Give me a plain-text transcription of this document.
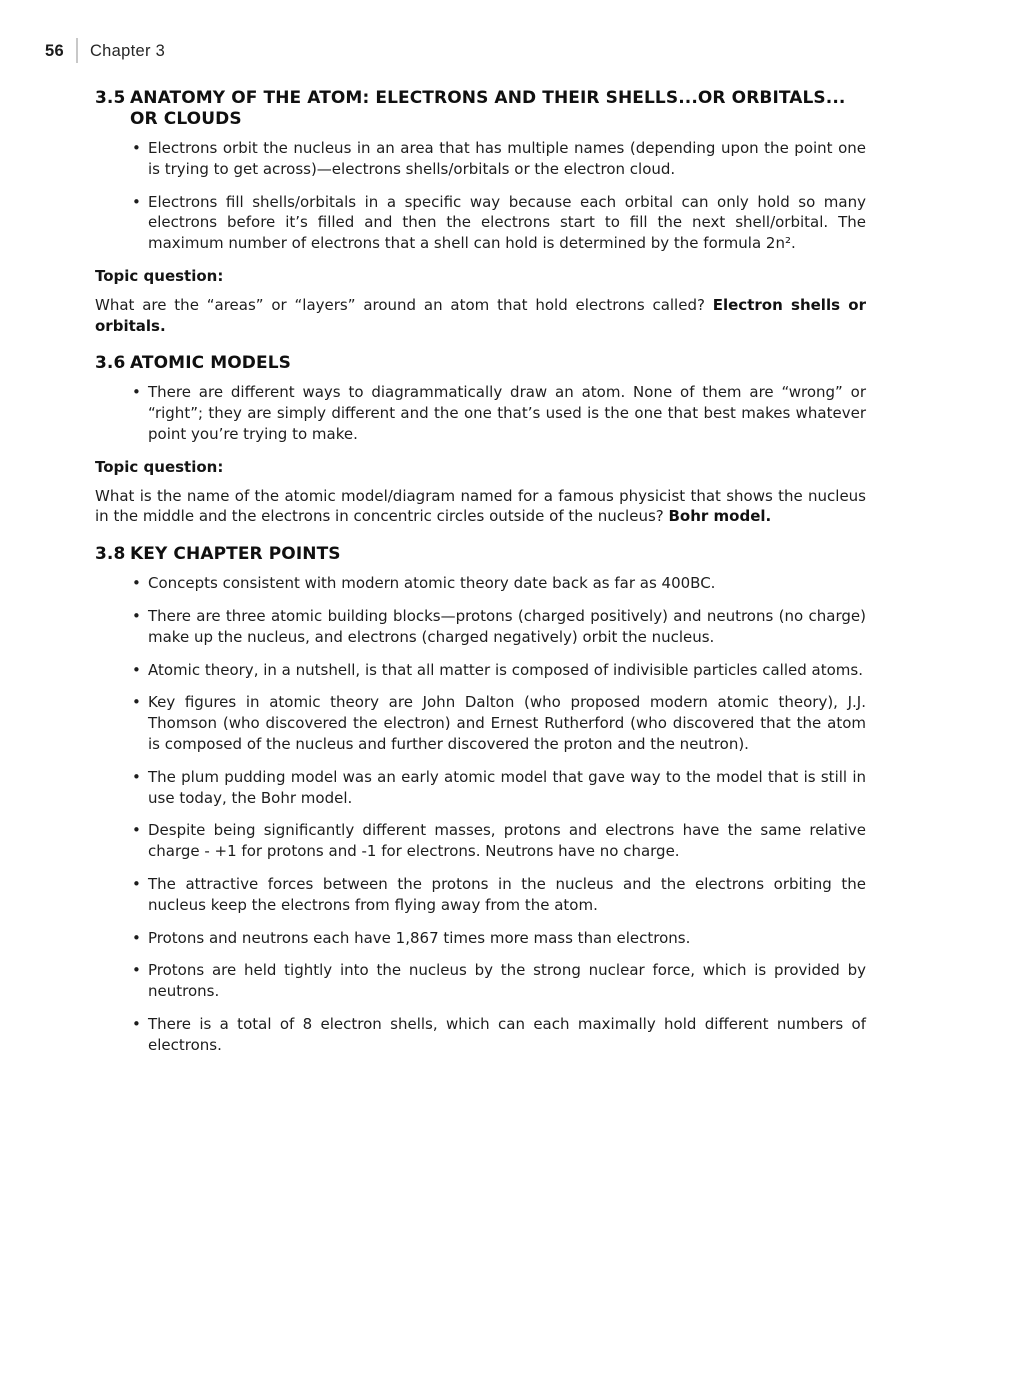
56 Chapter 3
3.5 ANATOMY OF THE ATOM: ELECTRONS AND THEIR SHELLS...OR ORBITALS... OR CLOUDS
• Electrons orbit the nucleus in an area that has multiple names (depending upon the point one is trying to get across)—electrons shells/orbitals or the electron cloud.
• Electrons fill shells/orbitals in a specific way because each orbital can only hold so many electrons before it’s filled and then the electrons start to fill the next shell/orbital. The maximum number of electrons that a shell can hold is determined by the formula 2n².

Topic question:

What are the “areas” or “layers” around an atom that hold electrons called? Electron shells or orbitals.

3.6 ATOMIC MODELS
• There are different ways to diagrammatically draw an atom. None of them are “wrong” or “right”; they are simply different and the one that’s used is the one that best makes whatever point you’re trying to make.

Topic question:

What is the name of the atomic model/diagram named for a famous physicist that shows the nucleus in the middle and the electrons in concentric circles outside of the nucleus? Bohr model.

3.8 KEY CHAPTER POINTS
• Concepts consistent with modern atomic theory date back as far as 400BC.
• There are three atomic building blocks—protons (charged positively) and neutrons (no charge) make up the nucleus, and electrons (charged negatively) orbit the nucleus.
• Atomic theory, in a nutshell, is that all matter is composed of indivisible particles called atoms.
• Key figures in atomic theory are John Dalton (who proposed modern atomic theory), J.J. Thomson (who discovered the electron) and Ernest Rutherford (who discovered that the atom is composed of the nucleus and further discovered the proton and the neutron).
• The plum pudding model was an early atomic model that gave way to the model that is still in use today, the Bohr model.
• Despite being significantly different masses, protons and electrons have the same relative charge - +1 for protons and -1 for electrons. Neutrons have no charge.
• The attractive forces between the protons in the nucleus and the electrons orbiting the nucleus keep the electrons from flying away from the atom.
• Protons and neutrons each have 1,867 times more mass than electrons.
• Protons are held tightly into the nucleus by the strong nuclear force, which is provided by neutrons.
• There is a total of 8 electron shells, which can each maximally hold different numbers of electrons.
